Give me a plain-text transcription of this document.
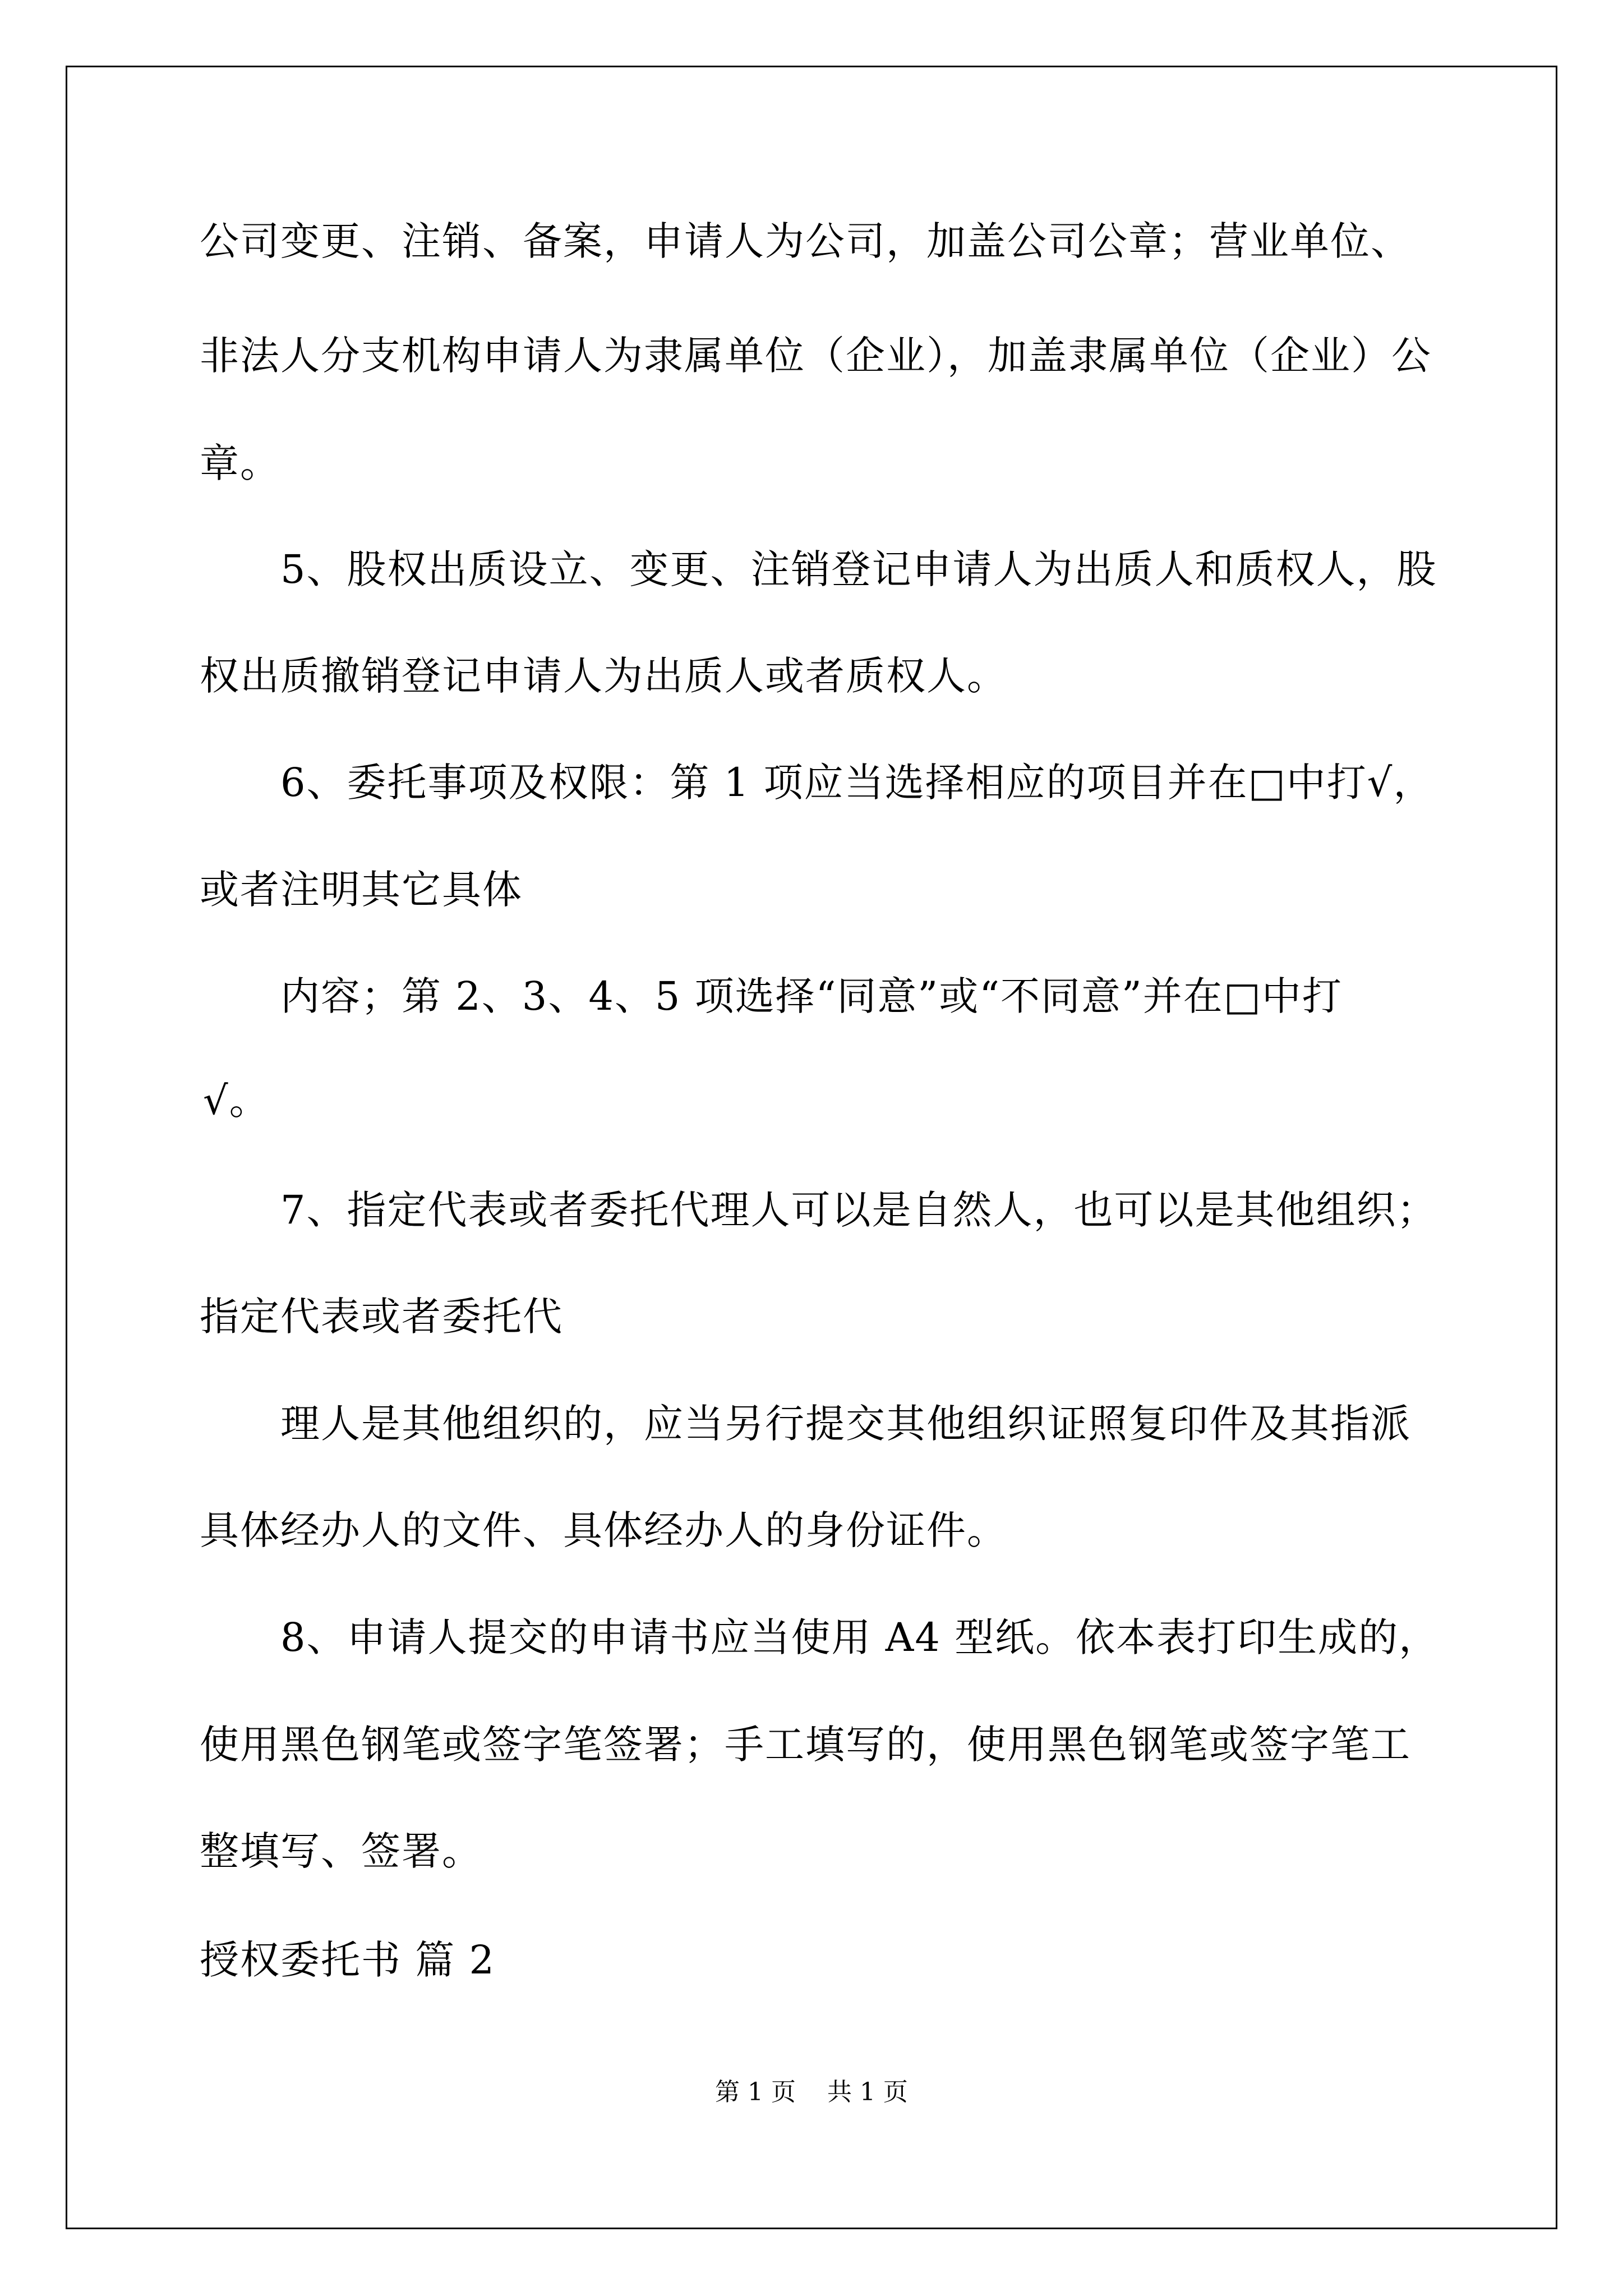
公司变更、注销、备案，申请人为公司，加盖公司公章；营业单位、
非法人分支机构申请人为隶属单位（企业），加盖隶属单位（企业）公
章。
5、股权出质设立、变更、注销登记申请人为出质人和质权人，股
权出质撤销登记申请人为出质人或者质权人。
6、委托事项及权限：第 1 项应当选择相应的项目并在□中打√，
或者注明其它具体
内容；第 2、3、4、5 项选择“同意”或“不同意”并在□中打
√。
7、指定代表或者委托代理人可以是自然人，也可以是其他组织；
指定代表或者委托代
理人是其他组织的，应当另行提交其他组织证照复印件及其指派
具体经办人的文件、具体经办人的身份证件。
8、申请人提交的申请书应当使用 A4 型纸。依本表打印生成的，
使用黑色钢笔或签字笔签署；手工填写的，使用黑色钢笔或签字笔工
整填写、签署。
授权委托书 篇 2
第 1 页    共 1 页
